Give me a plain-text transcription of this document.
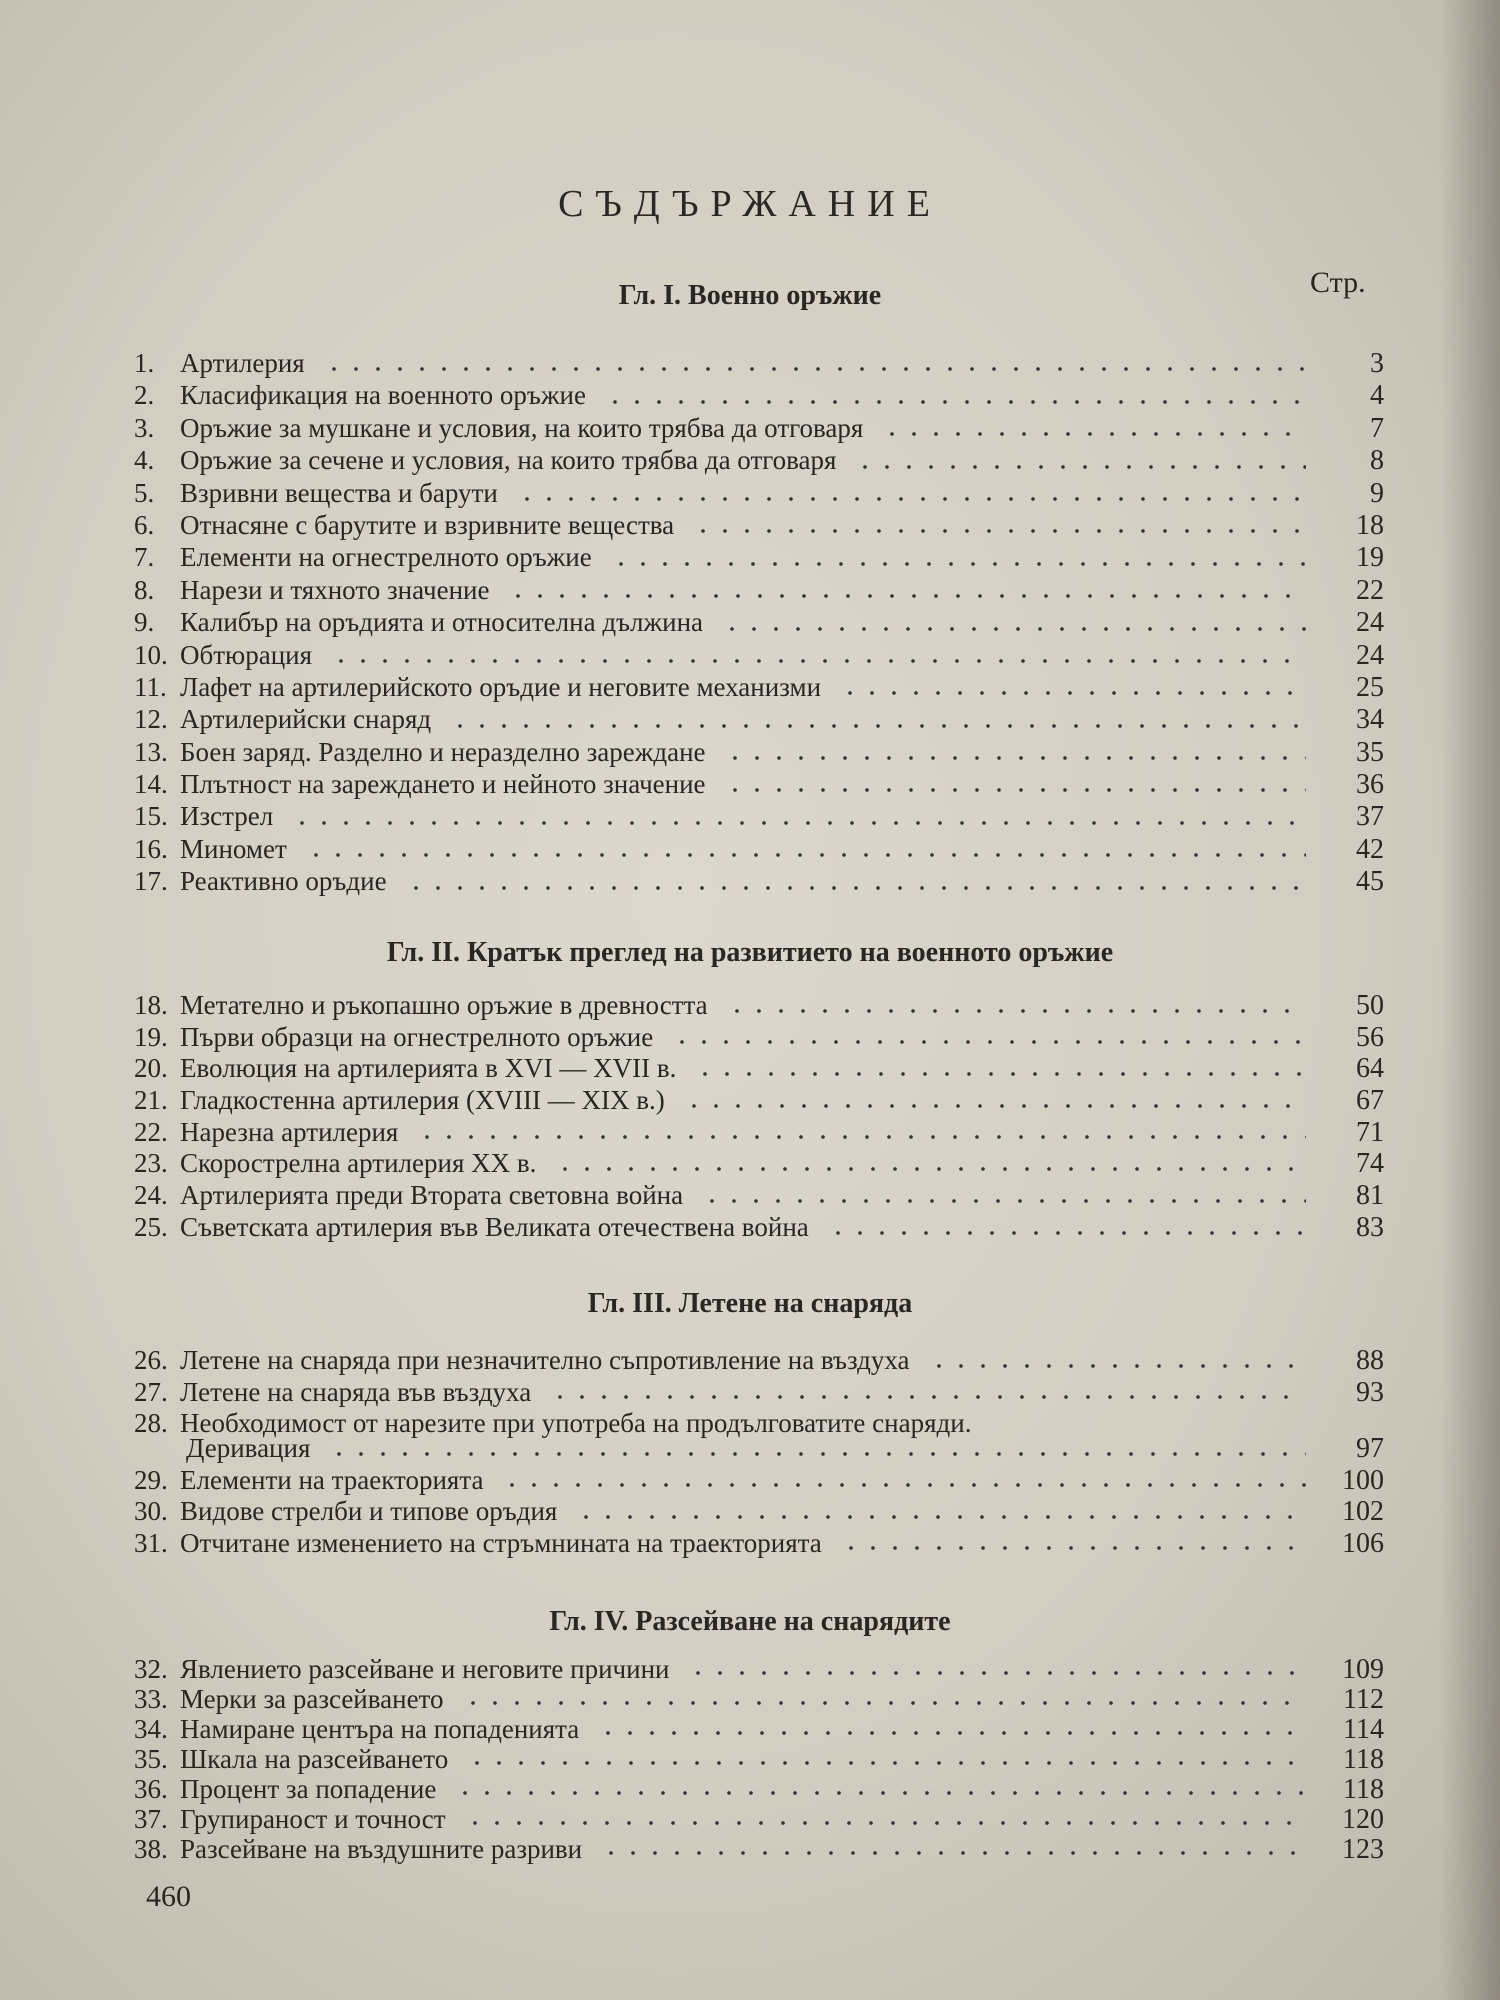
СЪДЪРЖАНИЕ
Стр.
Гл. I. Военно оръжие
1. Артилерия	3
2. Класификация на военното оръжие	4
3. Оръжие за мушкане и условия, на които трябва да отговаря	7
4. Оръжие за сечене и условия, на които трябва да отговаря	8
5. Взривни вещества и барути	9
6. Отнасяне с барутите и взривните вещества	18
7. Елементи на огнестрелното оръжие	19
8. Нарези и тяхното значение	22
9. Калибър на оръдията и относителна дължина	24
10. Обтюрация	24
11. Лафет на артилерийското оръдие и неговите механизми	25
12. Артилерийски снаряд	34
13. Боен заряд. Разделно и неразделно зареждане	35
14. Плътност на зареждането и нейното значение	36
15. Изстрел	37
16. Миномет	42
17. Реактивно оръдие	45
Гл. II. Кратък преглед на развитието на военното оръжие
18. Метателно и ръкопашно оръжие в древността	50
19. Първи образци на огнестрелното оръжие	56
20. Еволюция на артилерията в XVI — XVII в.	64
21. Гладкостенна артилерия (XVIII — XIX в.)	67
22. Нарезна артилерия	71
23. Скорострелна артилерия XX в.	74
24. Артилерията преди Втората световна война	81
25. Съветската артилерия във Великата отечествена война	83
Гл. III. Летене на снаряда
26. Летене на снаряда при незначително съпротивление на въздуха	88
27. Летене на снаряда във въздуха	93
28. Необходимост от нарезите при употреба на продълговатите снаряди.
Деривация	97
29. Елементи на траекторията	100
30. Видове стрелби и типове оръдия	102
31. Отчитане изменението на стръмнината на траекторията	106
Гл. IV. Разсейване на снарядите
32. Явлението разсейване и неговите причини	109
33. Мерки за разсейването	112
34. Намиране центъра на попаденията	114
35. Шкала на разсейването	118
36. Процент за попадение	118
37. Групираност и точност	120
38. Разсейване на въздушните разриви	123
460
